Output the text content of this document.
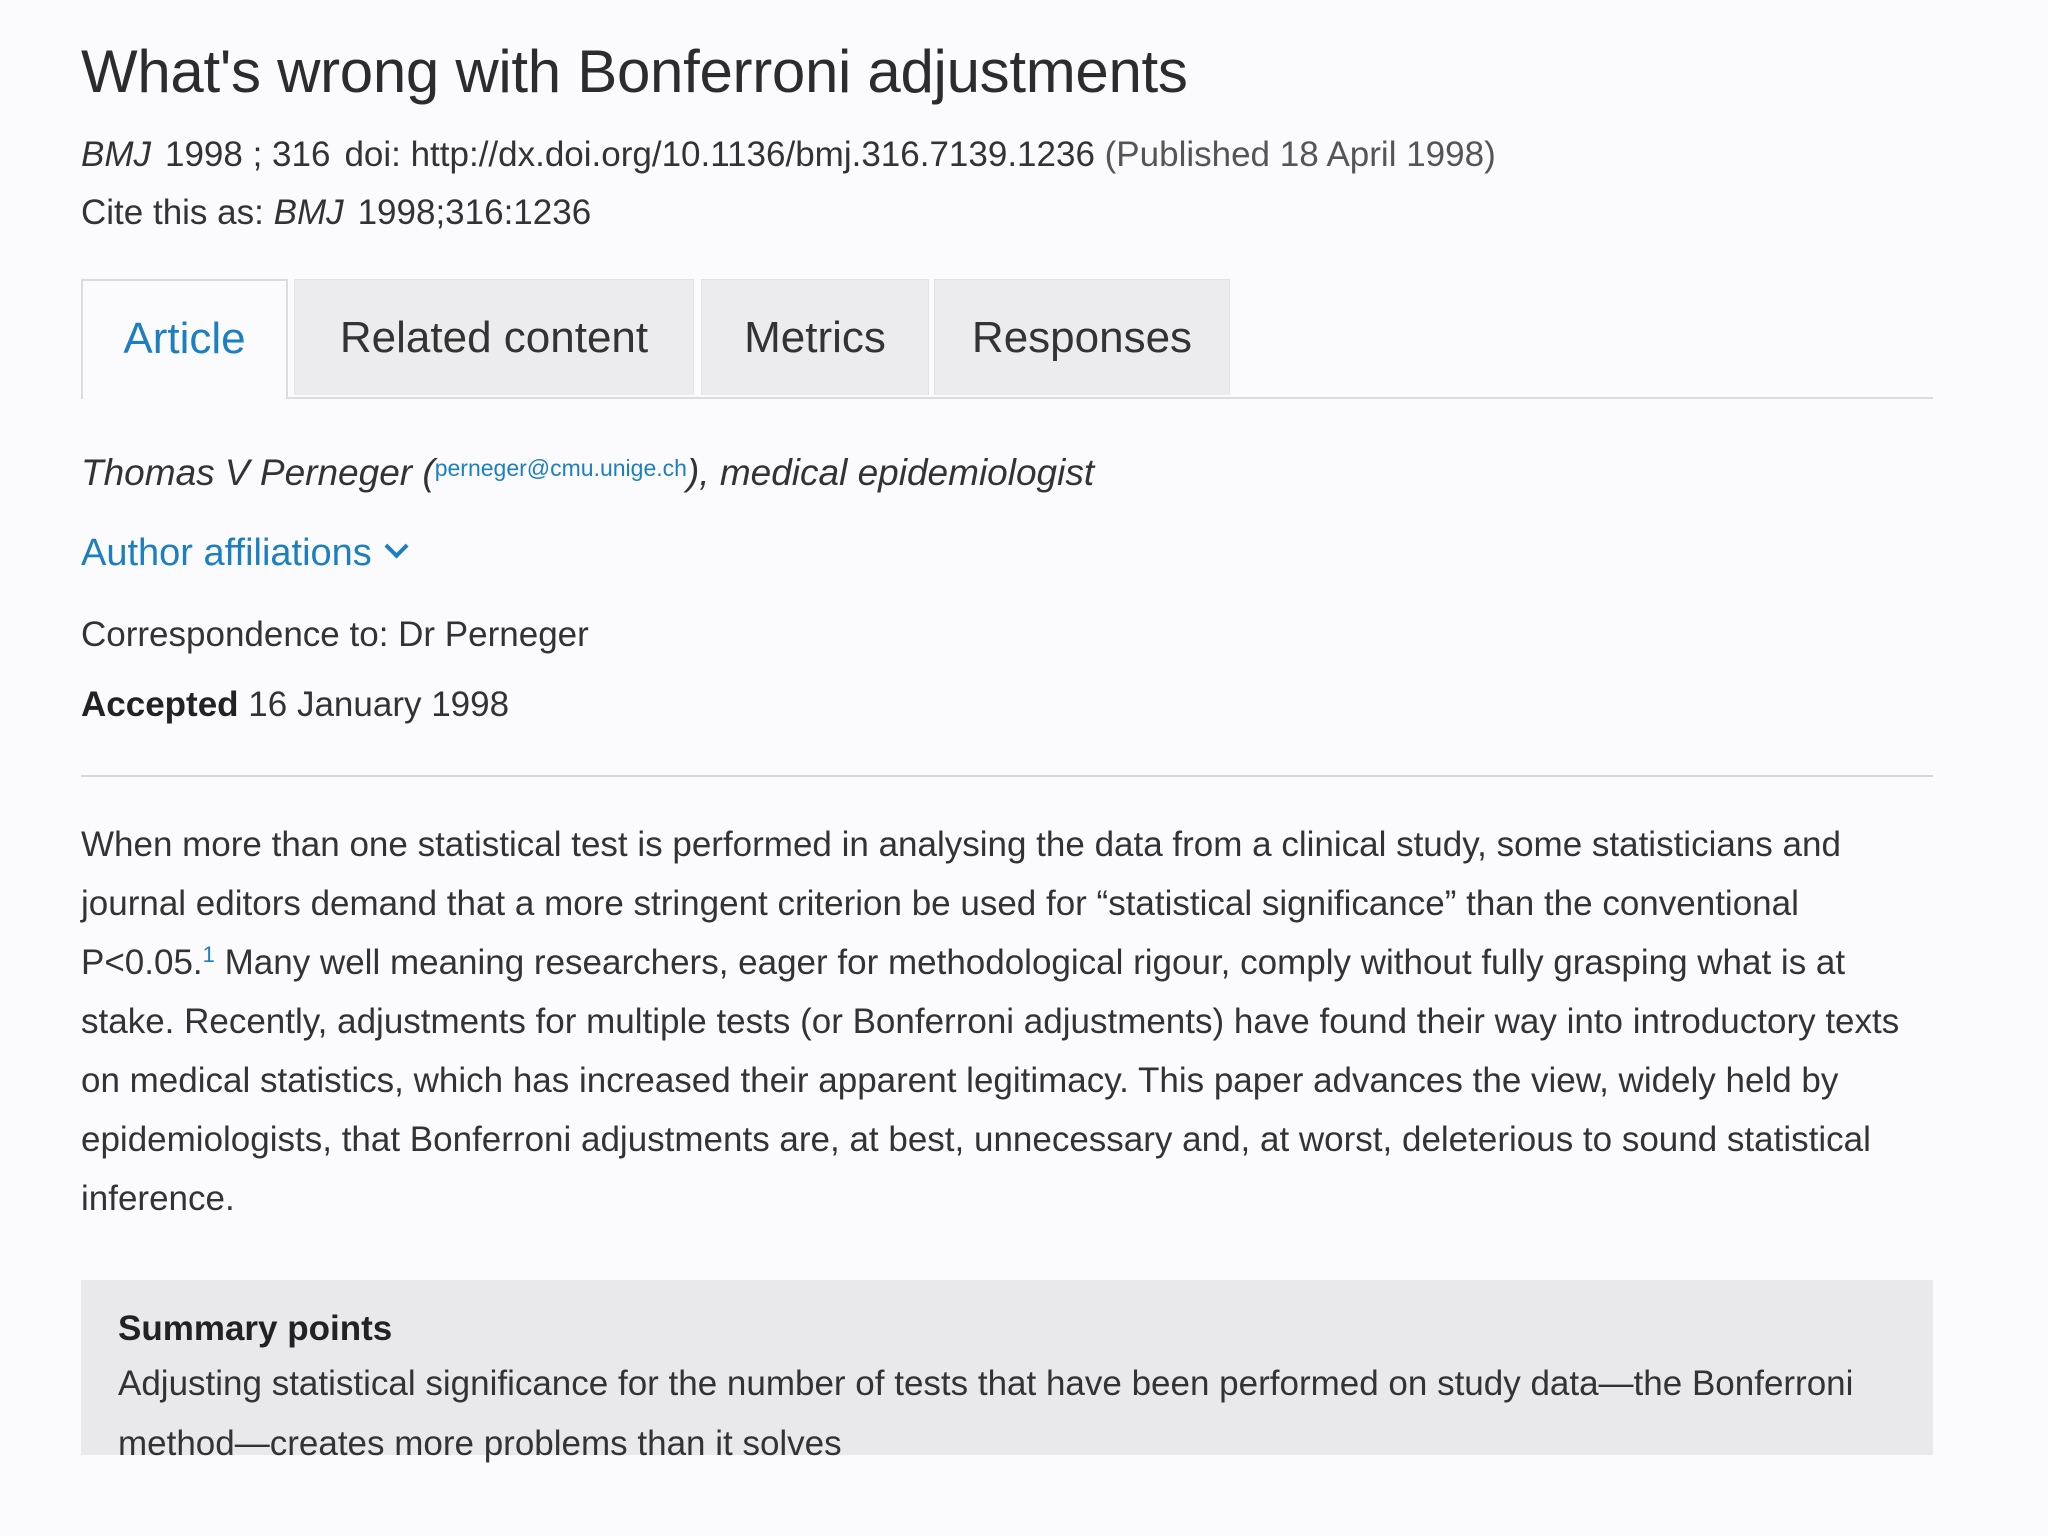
What's wrong with Bonferroni adjustments
BMJ 1998 ; 316 doi: http://dx.doi.org/10.1136/bmj.316.7139.1236 (Published 18 April 1998)
Cite this as: BMJ 1998;316:1236
Article	Related content	Metrics	Responses
Thomas V Perneger ($^{perneger@cmu.unige.ch}$), medical epidemiologist
Author affiliations
Correspondence to: Dr Perneger
Accepted 16 January 1998
When more than one statistical test is performed in analysing the data from a clinical study, some statisticians and journal editors demand that a more stringent criterion be used for “statistical significance” than the conventional P<0.05.$^1$ Many well meaning researchers, eager for methodological rigour, comply without fully grasping what is at stake. Recently, adjustments for multiple tests (or Bonferroni adjustments) have found their way into introductory texts on medical statistics, which has increased their apparent legitimacy. This paper advances the view, widely held by epidemiologists, that Bonferroni adjustments are, at best, unnecessary and, at worst, deleterious to sound statistical inference.
Summary points
Adjusting statistical significance for the number of tests that have been performed on study data—the Bonferroni method—creates more problems than it solves
